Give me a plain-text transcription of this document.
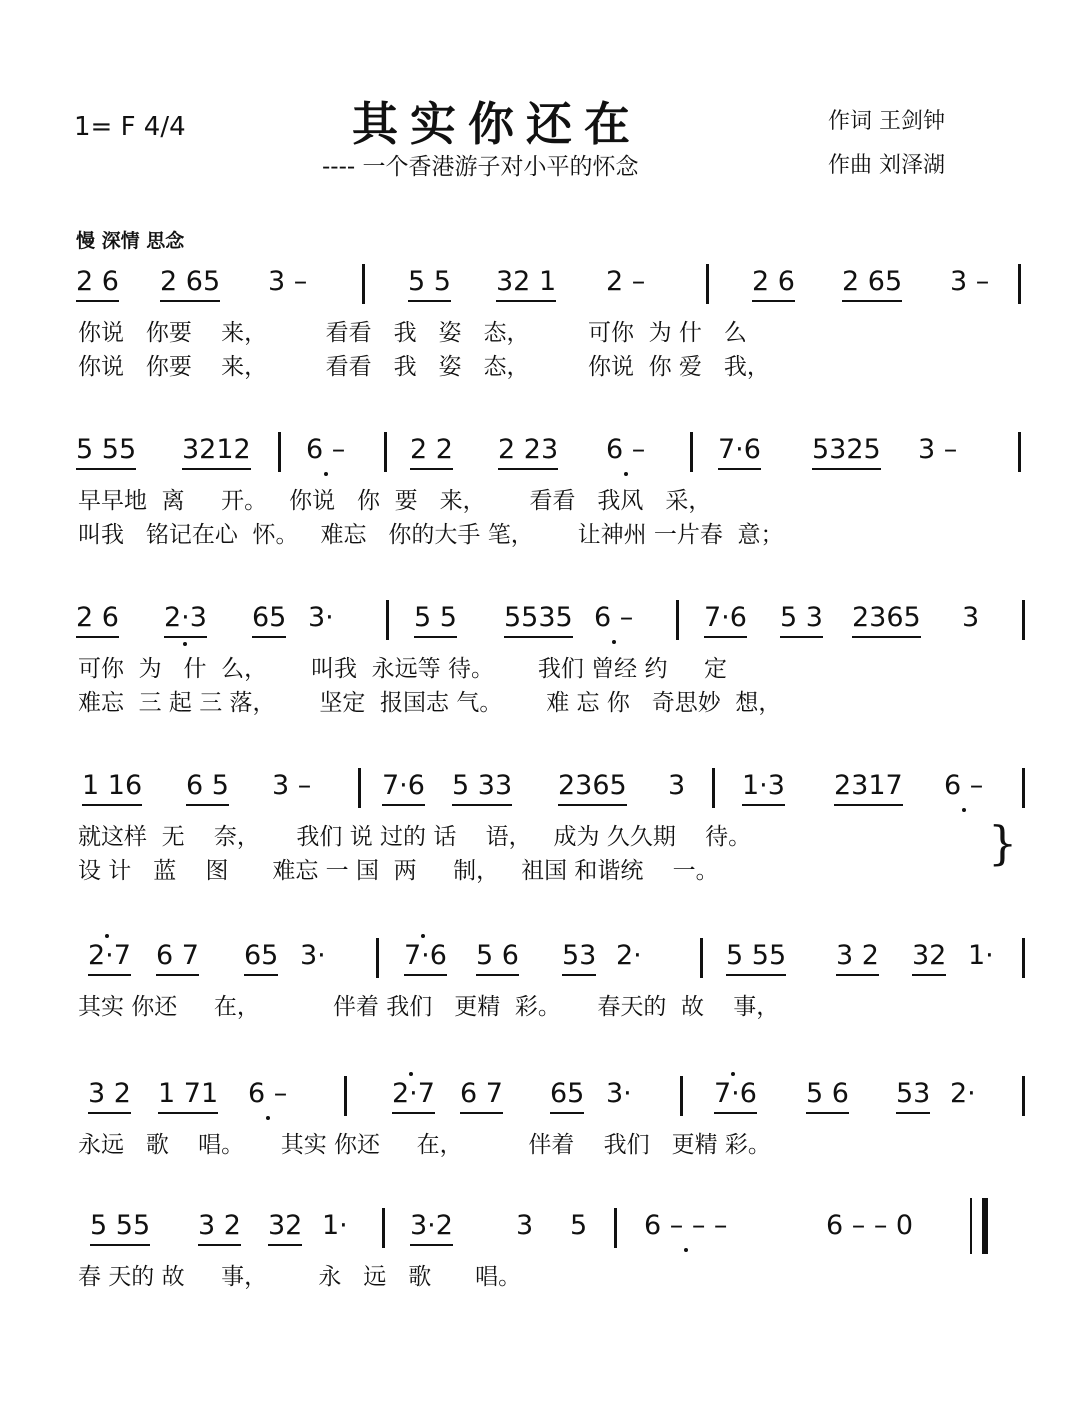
1= F 4/4	其实你还在
---- 一个香港游子对小平的怀念
作词 王剑钟
作曲 刘泽湖
慢 深情 思念
2 6 2 65 3 –	5 5 32 1 2 –	2 6 2 65 3 –
你说   你要    来，        看看   我   姿   态，        可你  为 什   么
你说   你要    来，        看看   我   姿   态，        你说  你 爱   我，
5 55 3212 6 – 2 2 2 23 6 –	7·6 5325 3 –
早早地  离     开。   你说   你  要   来，      看看   我风   采，
叫我   铭记在心  怀。   难忘   你的大手 笔，      让神州 一片春  意；
2 6 2·3 65 3·	5 5 5535 6 –	7·6 5 3 2365 3
可你  为   什  么，      叫我  永远等 待。      我们 曾经 约     定
难忘  三 起 三 落，      坚定  报国志 气。      难 忘 你   奇思妙  想，
1 16 6 5 3 –	7·6 5 33 2365 3 1·3 2317 6 –
就这样  无    奈，     我们 说 过的 话    语，   成为 久久期    待。
设 计   蓝    图      难忘 一 国  两     制，   祖国 和谐统    一。
}
2·7 6 7 65 3·	7·6 5 6 53 2·	5 55 3 2 32 1·
其实 你还     在，          伴着 我们   更精  彩。     春天的  故    事，
3 2 1 71 6 –	2·7 6 7 65 3·	7·6 5 6 53 2·
永远   歌    唱。     其实 你还     在，         伴着    我们   更精 彩。
5 55 3 2 32 1· 3·2 3 5 6 – – –	6 – – 0
春 天的 故     事，       永   远   歌      唱。
